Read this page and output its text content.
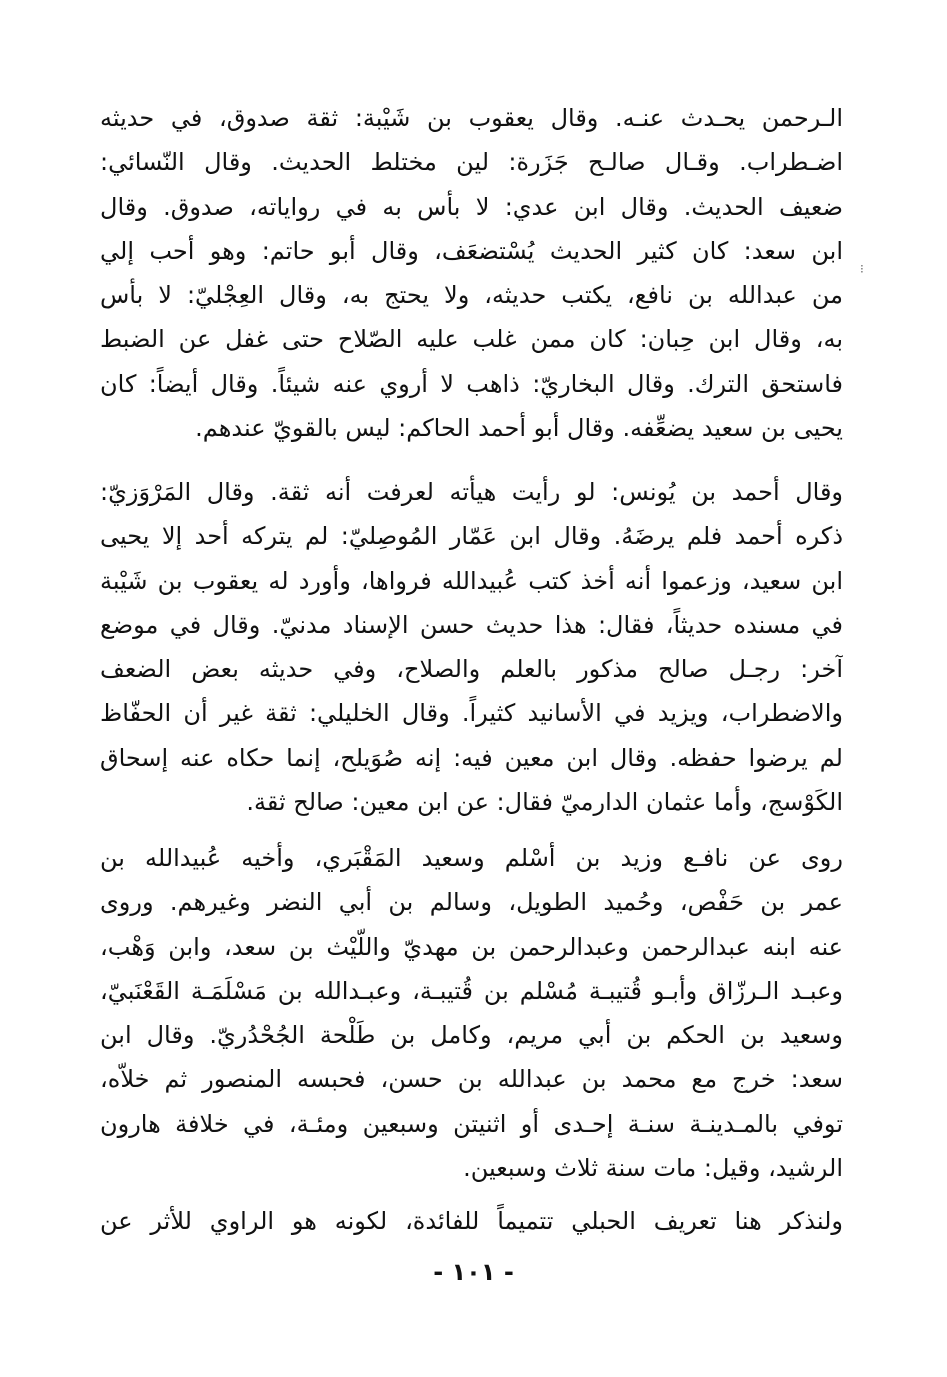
⁝
الـرحمن يحـدث عنـه. وقال يعقوب بن شَيْبة: ثقة صدوق، في حديثه
اضـطراب. وقـال صالـح جَزَرة: لين مختلط الحديث. وقال النّسائي:
ضعيف الحديث. وقال ابن عدي: لا بأس به في رواياته، صدوق. وقال
ابن سعد: كان كثير الحديث يُسْتضعَف، وقال أبو حاتم: وهو أحب إلي
من عبدالله بن نافع، يكتب حديثه، ولا يحتج به، وقال العِجْليّ: لا بأس
به، وقال ابن حِبان: كان ممن غلب عليه الصّلاح حتى غفل عن الضبط
فاستحق الترك. وقال البخاريّ: ذاهب لا أروي عنه شيئاً. وقال أيضاً: كان
يحيى بن سعيد يضعِّفه. وقال أبو أحمد الحاكم: ليس بالقويّ عندهم.
وقال أحمد بن يُونس: لو رأيت هيأته لعرفت أنه ثقة. وقال المَرْوَزيّ:
ذكره أحمد فلم يرضَهُ. وقال ابن عَمّار المُوصِليّ: لم يتركه أحد إلا يحيى
ابن سعيد، وزعموا أنه أخذ كتب عُبيدالله فرواها، وأورد له يعقوب بن شَيْبة
في مسنده حديثاً، فقال: هذا حديث حسن الإسناد مدنيّ. وقال في موضع
آخر: رجـل صالح مذكور بالعلم والصلاح، وفي حديثه بعض الضعف
والاضطراب، ويزيد في الأسانيد كثيراً. وقال الخليلي: ثقة غير أن الحفّاظ
لم يرضوا حفظه. وقال ابن معين فيه: إنه صُوَيلح، إنما حكاه عنه إسحاق
الكَوْسج، وأما عثمان الدارميّ فقال: عن ابن معين: صالح ثقة.
روى عن نافـع وزيد بن أسْلم وسعيد المَقْبَري، وأخيه عُبيدالله بن
عمر بن حَفْص، وحُميد الطويل، وسالم بن أبي النضر وغيرهم. وروى
عنه ابنه عبدالرحمن وعبدالرحمن بن مهديّ واللّيْث بن سعد، وابن وَهْب،
وعبـد الـرزّاق وأبـو قُتيبـة مُسْلم بن قُتيبـة، وعبـدالله بن مَسْلَمَـة القَعْنَبيّ،
وسعيد بن الحكم بن أبي مريم، وكامل بن طَلْحة الجُحْدُريّ. وقال ابن
سعد: خرج مع محمد بن عبدالله بن حسن، فحبسه المنصور ثم خلاّه،
توفي بالمـدينـة سنـة إحـدى أو اثنيتن وسبعين ومئـة، في خلافة هارون
الرشيد، وقيل: مات سنة ثلاث وسبعين.
ولنذكر هنا تعريف الحبلي تتميماً للفائدة، لكونه هو الراوي للأثر عن
- ١٠١ -
